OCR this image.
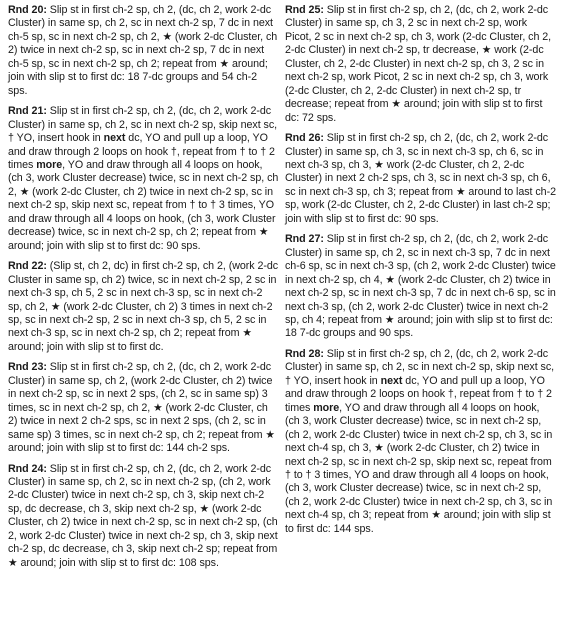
Rnd 20: Slip st in first ch-2 sp, ch 2, (dc, ch 2, work 2-dc Cluster) in same sp, ch 2, sc in next ch-2 sp, 7 dc in next ch-5 sp, sc in next ch-2 sp, ch 2, ★ (work 2-dc Cluster, ch 2) twice in next ch-2 sp, sc in next ch-2 sp, 7 dc in next ch-5 sp, sc in next ch-2 sp, ch 2; repeat from ★ around; join with slip st to first dc: 18 7-dc groups and 54 ch-2 sps.

Rnd 21: Slip st in first ch-2 sp, ch 2, (dc, ch 2, work 2-dc Cluster) in same sp, ch 2, sc in next ch-2 sp, skip next sc, † YO, insert hook in next dc, YO and pull up a loop, YO and draw through 2 loops on hook †, repeat from † to † 2 times more, YO and draw through all 4 loops on hook, (ch 3, work Cluster decrease) twice, sc in next ch-2 sp, ch 2, ★ (work 2-dc Cluster, ch 2) twice in next ch-2 sp, sc in next ch-2 sp, skip next sc, repeat from † to † 3 times, YO and draw through all 4 loops on hook, (ch 3, work Cluster decrease) twice, sc in next ch-2 sp, ch 2; repeat from ★ around; join with slip st to first dc: 90 sps.

Rnd 22: (Slip st, ch 2, dc) in first ch-2 sp, ch 2, (work 2-dc Cluster in same sp, ch 2) twice, sc in next ch-2 sp, 2 sc in next ch-3 sp, ch 5, 2 sc in next ch-3 sp, sc in next ch-2 sp, ch 2, ★ (work 2-dc Cluster, ch 2) 3 times in next ch-2 sp, sc in next ch-2 sp, 2 sc in next ch-3 sp, ch 5, 2 sc in next ch-3 sp, sc in next ch-2 sp, ch 2; repeat from ★ around; join with slip st to first dc.

Rnd 23: Slip st in first ch-2 sp, ch 2, (dc, ch 2, work 2-dc Cluster) in same sp, ch 2, (work 2-dc Cluster, ch 2) twice in next ch-2 sp, sc in next 2 sps, (ch 2, sc in same sp) 3 times, sc in next ch-2 sp, ch 2, ★ (work 2-dc Cluster, ch 2) twice in next 2 ch-2 sps, sc in next 2 sps, (ch 2, sc in same sp) 3 times, sc in next ch-2 sp, ch 2; repeat from ★ around; join with slip st to first dc: 144 ch-2 sps.

Rnd 24: Slip st in first ch-2 sp, ch 2, (dc, ch 2, work 2-dc Cluster) in same sp, ch 2, sc in next ch-2 sp, (ch 2, work 2-dc Cluster) twice in next ch-2 sp, ch 3, skip next ch-2 sp, dc decrease, ch 3, skip next ch-2 sp, ★ (work 2-dc Cluster, ch 2) twice in next ch-2 sp, sc in next ch-2 sp, (ch 2, work 2-dc Cluster) twice in next ch-2 sp, ch 3, skip next ch-2 sp, dc decrease, ch 3, skip next ch-2 sp; repeat from ★ around; join with slip st to first dc: 108 sps.

Rnd 25: Slip st in first ch-2 sp, ch 2, (dc, ch 2, work 2-dc Cluster) in same sp, ch 3, 2 sc in next ch-2 sp, work Picot, 2 sc in next ch-2 sp, ch 3, work (2-dc Cluster, ch 2, 2-dc Cluster) in next ch-2 sp, tr decrease, ★ work (2-dc Cluster, ch 2, 2-dc Cluster) in next ch-2 sp, ch 3, 2 sc in next ch-2 sp, work Picot, 2 sc in next ch-2 sp, ch 3, work (2-dc Cluster, ch 2, 2-dc Cluster) in next ch-2 sp, tr decrease; repeat from ★ around; join with slip st to first dc: 72 sps.

Rnd 26: Slip st in first ch-2 sp, ch 2, (dc, ch 2, work 2-dc Cluster) in same sp, ch 3, sc in next ch-3 sp, ch 6, sc in next ch-3 sp, ch 3, ★ work (2-dc Cluster, ch 2, 2-dc Cluster) in next 2 ch-2 sps, ch 3, sc in next ch-3 sp, ch 6, sc in next ch-3 sp, ch 3; repeat from ★ around to last ch-2 sp, work (2-dc Cluster, ch 2, 2-dc Cluster) in last ch-2 sp; join with slip st to first dc: 90 sps.

Rnd 27: Slip st in first ch-2 sp, ch 2, (dc, ch 2, work 2-dc Cluster) in same sp, ch 2, sc in next ch-3 sp, 7 dc in next ch-6 sp, sc in next ch-3 sp, (ch 2, work 2-dc Cluster) twice in next ch-2 sp, ch 4, ★ (work 2-dc Cluster, ch 2) twice in next ch-2 sp, sc in next ch-3 sp, 7 dc in next ch-6 sp, sc in next ch-3 sp, (ch 2, work 2-dc Cluster) twice in next ch-2 sp, ch 4; repeat from ★ around; join with slip st to first dc: 18 7-dc groups and 90 sps.

Rnd 28: Slip st in first ch-2 sp, ch 2, (dc, ch 2, work 2-dc Cluster) in same sp, ch 2, sc in next ch-2 sp, skip next sc, † YO, insert hook in next dc, YO and pull up a loop, YO and draw through 2 loops on hook †, repeat from † to † 2 times more, YO and draw through all 4 loops on hook, (ch 3, work Cluster decrease) twice, sc in next ch-2 sp, (ch 2, work 2-dc Cluster) twice in next ch-2 sp, ch 3, sc in next ch-4 sp, ch 3, ★ (work 2-dc Cluster, ch 2) twice in next ch-2 sp, sc in next ch-2 sp, skip next sc, repeat from † to † 3 times, YO and draw through all 4 loops on hook, (ch 3, work Cluster decrease) twice, sc in next ch-2 sp, (ch 2, work 2-dc Cluster) twice in next ch-2 sp, ch 3, sc in next ch-4 sp, ch 3; repeat from ★ around; join with slip st to first dc: 144 sps.
